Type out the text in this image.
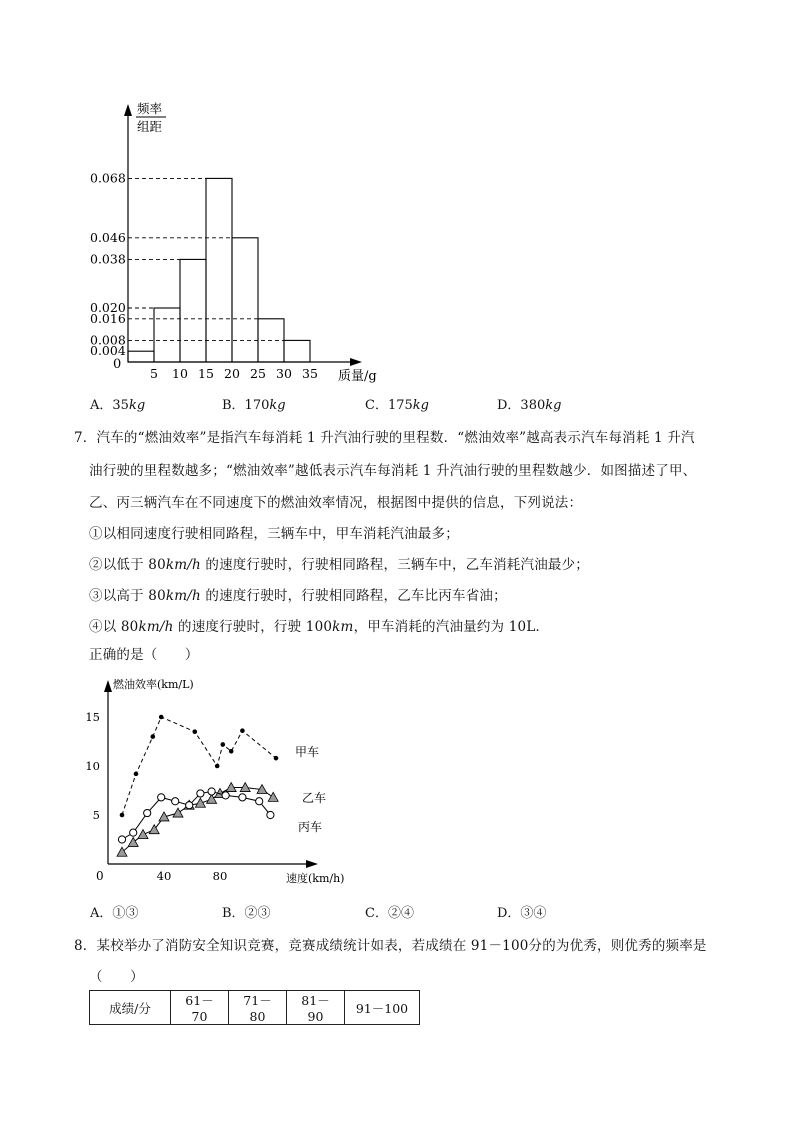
频率
组距
0.068
0.046
0.038
0.020
0.016
0.008
0.004
5 10 15 20 25 30 35
0
质量/g
A．35kg	B．170kg	C．175kg	D．380kg
7．汽车的“燃油效率”是指汽车每消耗 1 升汽油行驶的里程数．“燃油效率”越高表示汽车每消耗 1 升汽
油行驶的里程数越多；“燃油效率”越低表示汽车每消耗 1 升汽油行驶的里程数越少．如图描述了甲、
乙、丙三辆汽车在不同速度下的燃油效率情况，根据图中提供的信息，下列说法：
①以相同速度行驶相同路程，三辆车中，甲车消耗汽油最多；
②以低于 80km/h 的速度行驶时，行驶相同路程，三辆车中，乙车消耗汽油最少；
③以高于 80km/h 的速度行驶时，行驶相同路程，乙车比丙车省油；
④以 80km/h 的速度行驶时，行驶 100km，甲车消耗的汽油量约为 10L．
正确的是（　　）
燃油效率(km/L)
速度(km/h)
0
15
10
5
40	80
甲车
乙车
丙车
A．①③	B．②③	C．②④	D．③④
8．某校举办了消防安全知识竞赛，竞赛成绩统计如表，若成绩在 91－100分的为优秀，则优秀的频率是
（　　）
成绩/分	61－70	71－80	81－90	91－100
